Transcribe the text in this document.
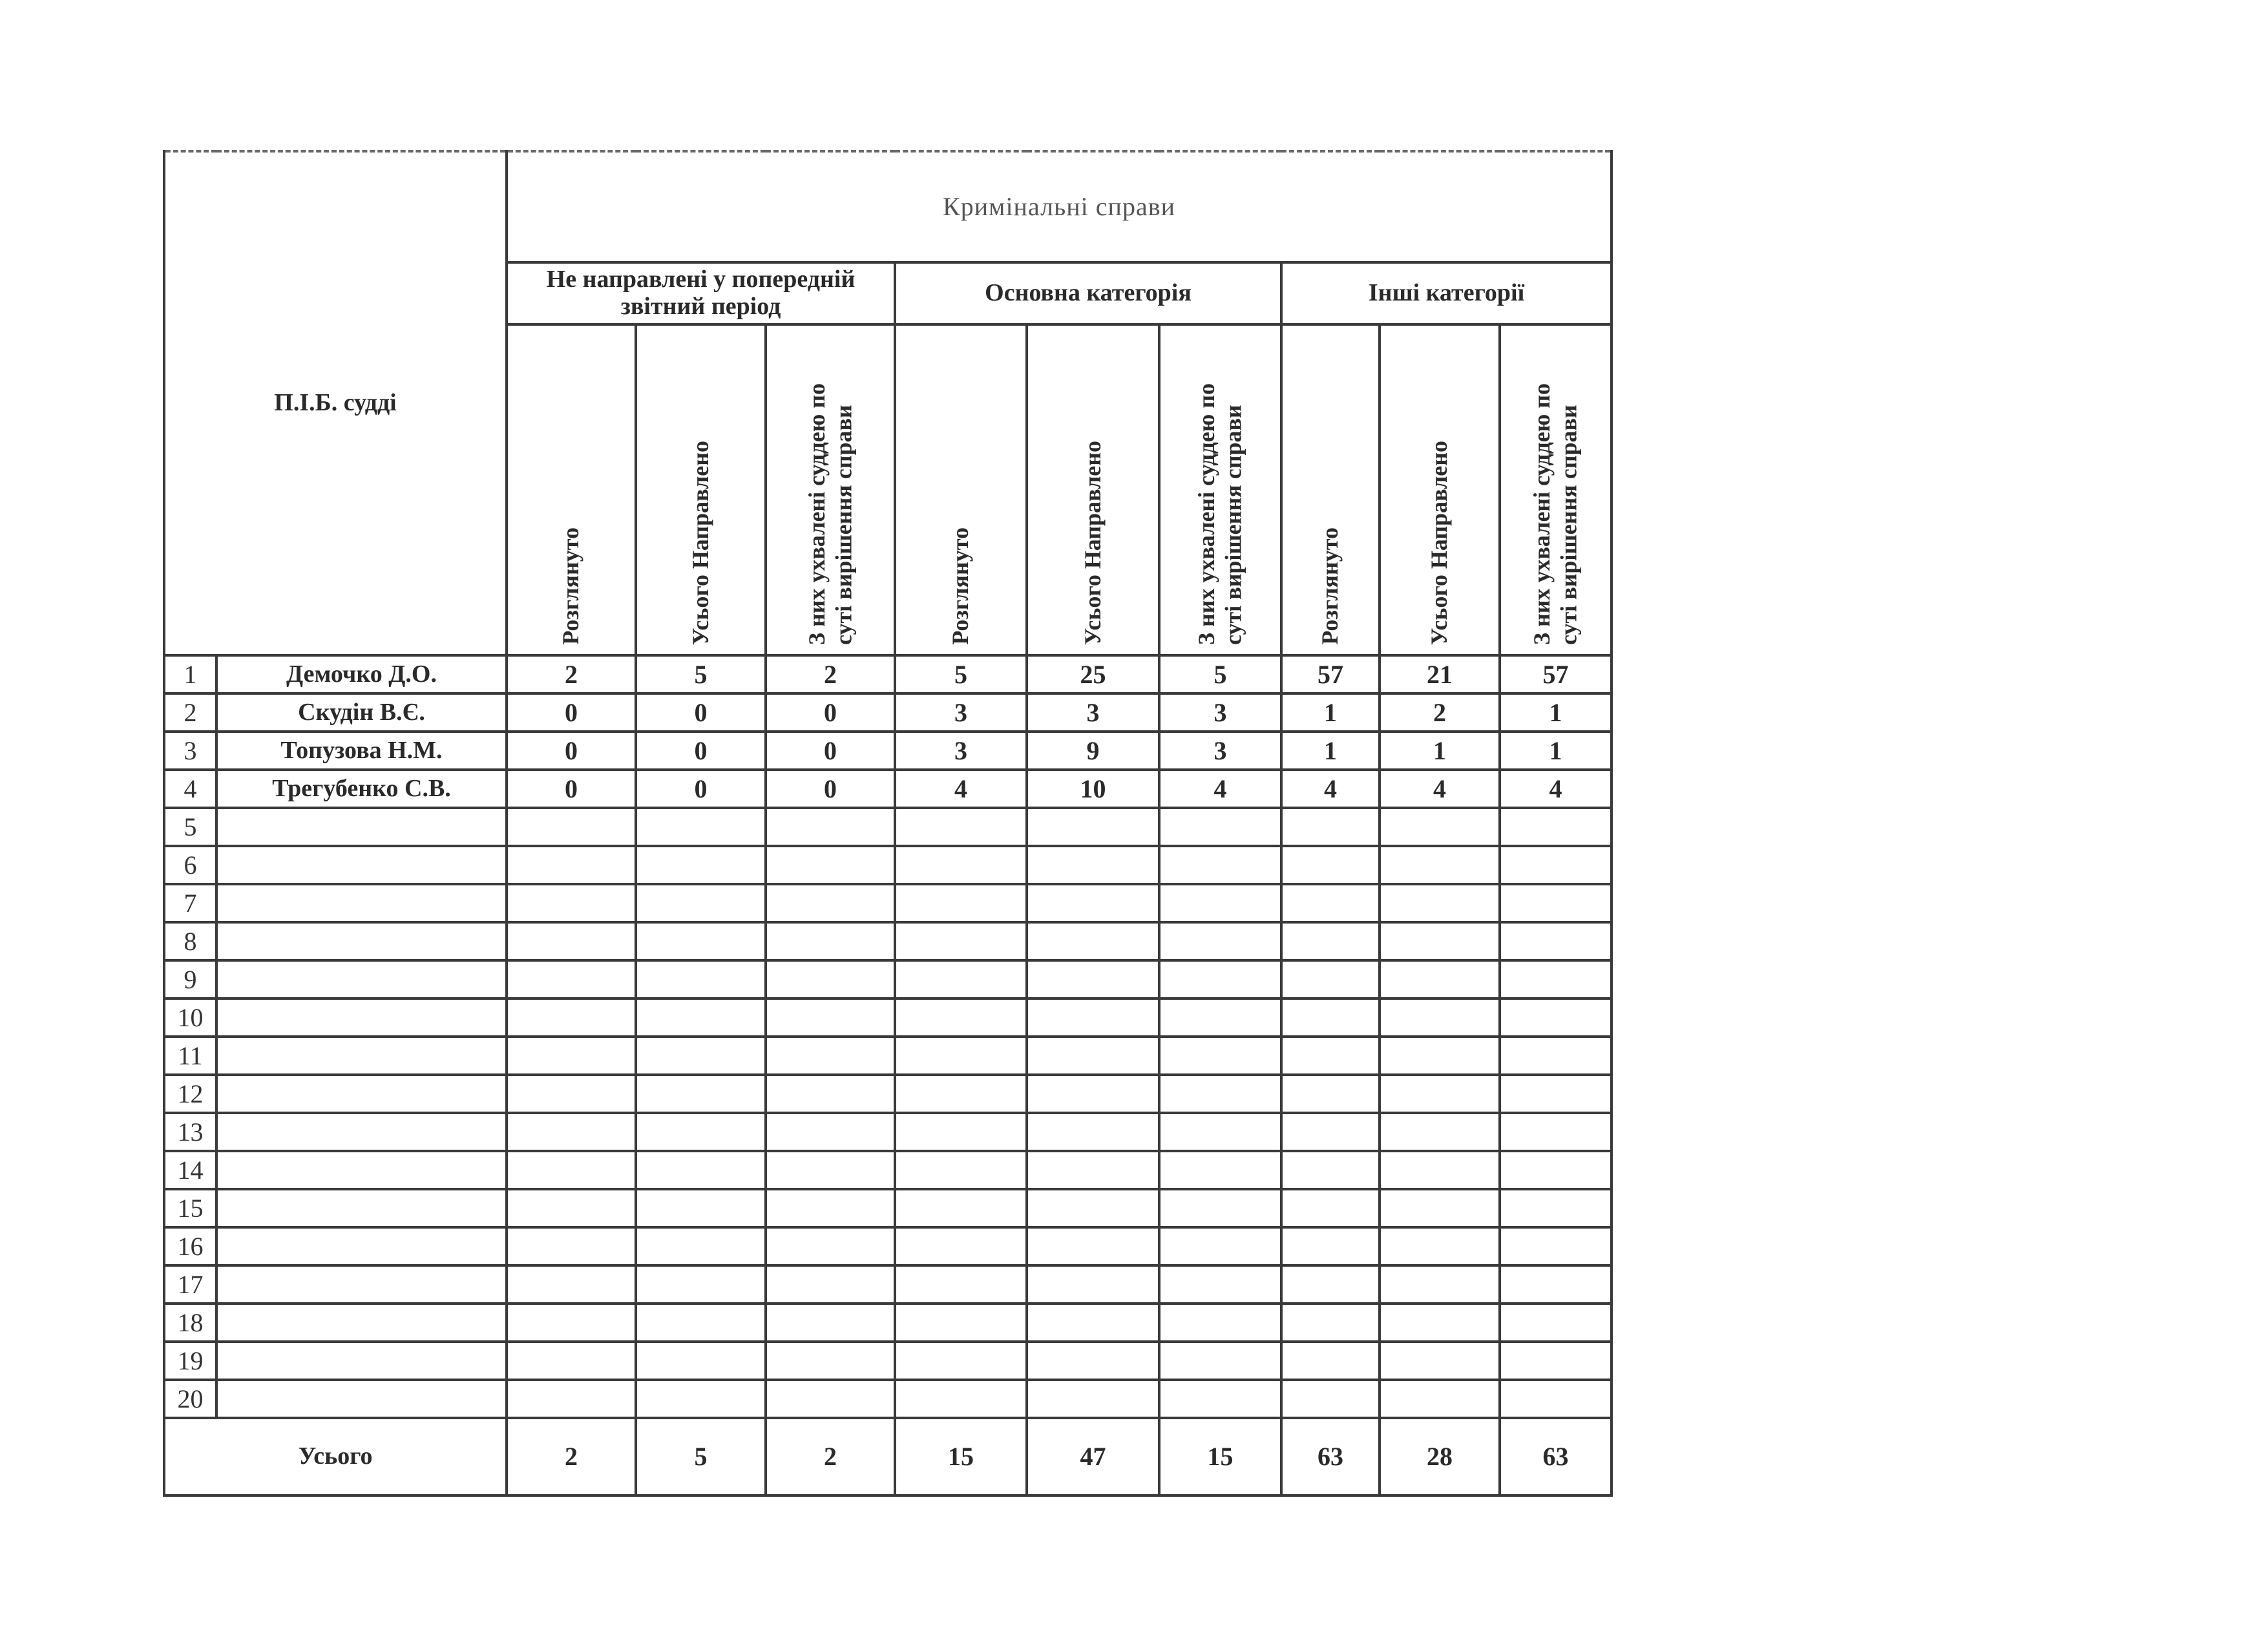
П.І.Б. судді		Кримінальні справи								
		Не направлені у попередній звітний період			Основна категорія			Інші категорії		

		Розглянуто	Усього Направлено	З них ухвалені суддею по суті вирішення справи	Розглянуто	Усього Направлено	З них ухвалені суддею по суті вирішення справи	Розглянуто	Усього Направлено	З них ухвалені суддею по суті вирішення справи

1	Демочко Д.О.	2	5	2	5	25	5	57	21	57
2	Скудін В.Є.	0	0	0	3	3	3	1	2	1
3	Топузова Н.М.	0	0	0	3	9	3	1	1	1
4	Трегубенко С.В.	0	0	0	4	10	4	4	4	4
5										
6										
7										
8										
9										
10										
11										
12										
13										
14										
15										
16										
17										
18										
19										
20										
Усього		2	5	2	15	47	15	63	28	63
